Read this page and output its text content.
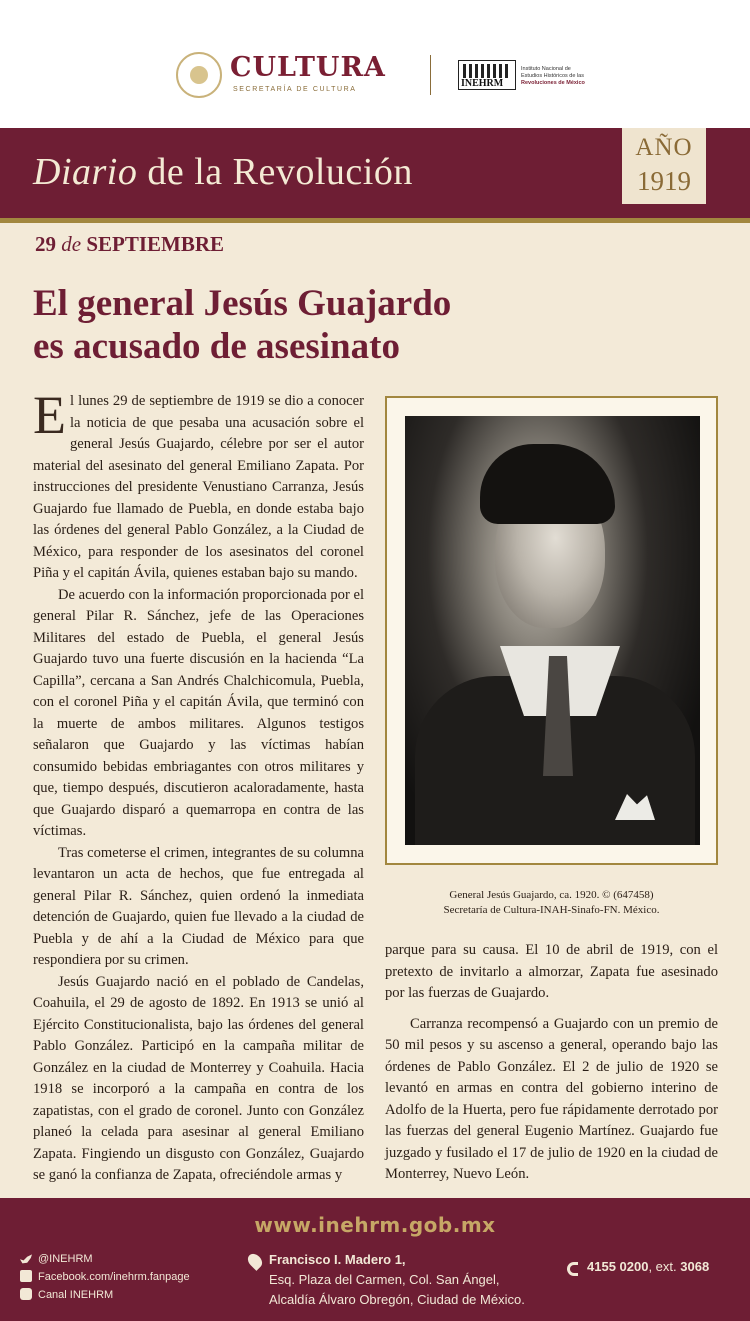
CULTURA
SECRETARÍA DE CULTURA
INEHRM
Instituto Nacional de
Estudios Históricos de las
Revoluciones de México
Diario de la Revolución
AÑO
1919
29 de SEPTIEMBRE
El general Jesús Guajardo
es acusado de asesinato

El lunes 29 de septiembre de 1919 se dio a conocer la noticia de que pesaba una acusación sobre el general Jesús Guajardo, célebre por ser el autor material del asesinato del general Emiliano Zapata. Por instrucciones del presidente Venustiano Carranza, Jesús Guajardo fue llamado de Puebla, en donde estaba bajo las órdenes del general Pablo González, a la Ciudad de México, para responder de los asesinatos del coronel Piña y el capitán Ávila, quienes estaban bajo su mando.

De acuerdo con la información proporcionada por el general Pilar R. Sánchez, jefe de las Operaciones Militares del estado de Puebla, el general Jesús Guajardo tuvo una fuerte discusión en la hacienda “La Capilla”, cercana a San Andrés Chalchicomula, Puebla, con el coronel Piña y el capitán Ávila, que terminó con la muerte de ambos militares. Algunos testigos señalaron que Guajardo y las víctimas habían consumido bebidas embriagantes con otros militares y que, tiempo después, discutieron acaloradamente, hasta que Guajardo disparó a quemarropa en contra de las víctimas.

Tras cometerse el crimen, integrantes de su columna levantaron un acta de hechos, que fue entregada al general Pilar R. Sánchez, quien ordenó la inmediata detención de Guajardo, quien fue llevado a la ciudad de Puebla y de ahí a la Ciudad de México para que respondiera por su crimen.

Jesús Guajardo nació en el poblado de Candelas, Coahuila, el 29 de agosto de 1892. En 1913 se unió al Ejército Constitucionalista, bajo las órdenes del general Pablo González. Participó en la campaña militar de González en la ciudad de Monterrey y Coahuila. Hacia 1918 se incorporó a la campaña en contra de los zapatistas, con el grado de coronel. Junto con González planeó la celada para asesinar al general Emiliano Zapata. Fingiendo un disgusto con González, Guajardo se ganó la confianza de Zapata, ofreciéndole armas y

General Jesús Guajardo, ca. 1920. © (647458)
Secretaría de Cultura-INAH-Sinafo-FN. México.

parque para su causa. El 10 de abril de 1919, con el pretexto de invitarlo a almorzar, Zapata fue asesinado por las fuerzas de Guajardo.

Carranza recompensó a Guajardo con un premio de 50 mil pesos y su ascenso a general, operando bajo las órdenes de Pablo González. El 2 de julio de 1920 se levantó en armas en contra del gobierno interino de Adolfo de la Huerta, pero fue rápidamente derrotado por las fuerzas del general Eugenio Martínez. Guajardo fue juzgado y fusilado el 17 de julio de 1920 en la ciudad de Monterrey, Nuevo León.

www.inehrm.gob.mx
@INEHRM
Facebook.com/inehrm.fanpage
Canal INEHRM
Francisco I. Madero 1,
Esq. Plaza del Carmen, Col. San Ángel,
Alcaldía Álvaro Obregón, Ciudad de México.
4155 0200, ext. 3068
